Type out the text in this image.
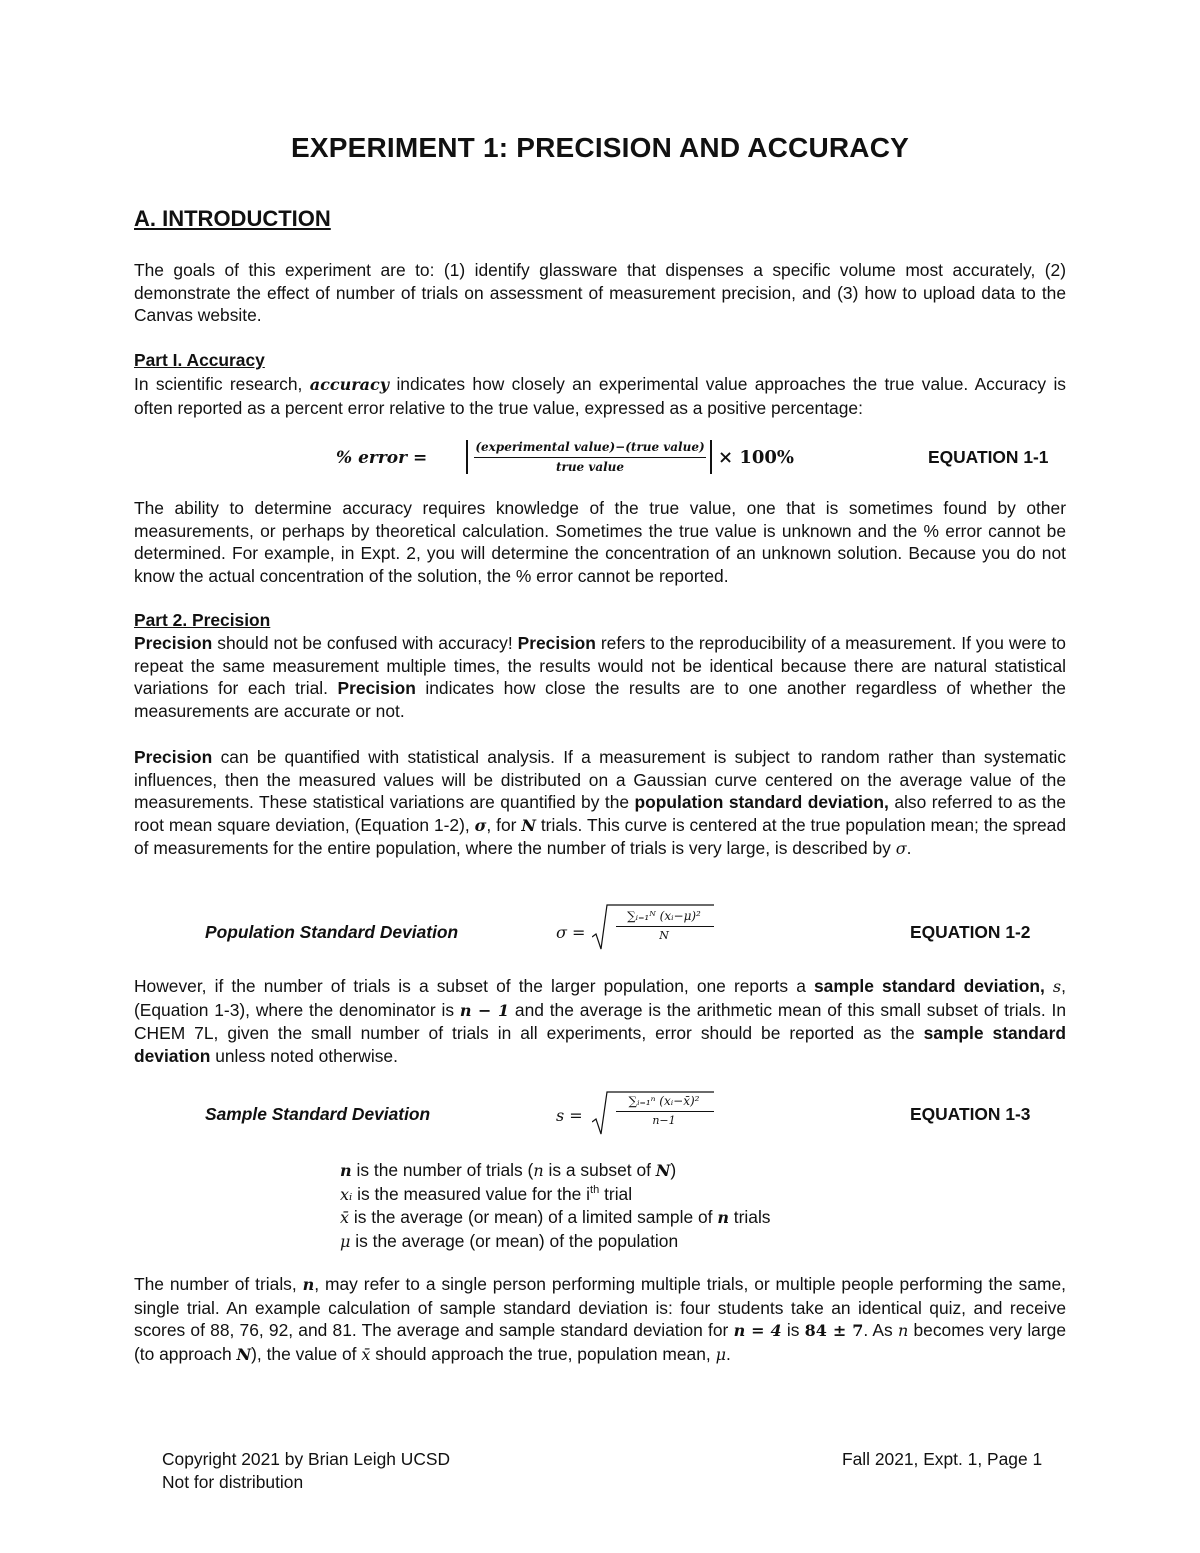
EXPERIMENT 1: PRECISION AND ACCURACY
A. INTRODUCTION
The goals of this experiment are to: (1) identify glassware that dispenses a specific volume most accurately, (2) demonstrate the effect of number of trials on assessment of measurement precision, and (3) how to upload data to the Canvas website.
Part I. Accuracy
In scientific research, accuracy indicates how closely an experimental value approaches the true value. Accuracy is often reported as a percent error relative to the true value, expressed as a positive percentage:
% error =
(experimental value)−(true value)
true value	× 100%	EQUATION 1-1
The ability to determine accuracy requires knowledge of the true value, one that is sometimes found by other measurements, or perhaps by theoretical calculation. Sometimes the true value is unknown and the % error cannot be determined. For example, in Expt. 2, you will determine the concentration of an unknown solution. Because you do not know the actual concentration of the solution, the % error cannot be reported.
Part 2. Precision
Precision should not be confused with accuracy! Precision refers to the reproducibility of a measurement. If you were to repeat the same measurement multiple times, the results would not be identical because there are natural statistical variations for each trial. Precision indicates how close the results are to one another regardless of whether the measurements are accurate or not.
Precision can be quantified with statistical analysis. If a measurement is subject to random rather than systematic influences, then the measured values will be distributed on a Gaussian curve centered on the average value of the measurements. These statistical variations are quantified by the population standard deviation, also referred to as the root mean square deviation, (Equation 1-2), σ, for N trials. This curve is centered at the true population mean; the spread of measurements for the entire population, where the number of trials is very large, is described by σ.
Population Standard Deviation	σ =
∑ᵢ₌₁ᴺ (xᵢ−μ)²
N	EQUATION 1-2
However, if the number of trials is a subset of the larger population, one reports a sample standard deviation, s, (Equation 1-3), where the denominator is n − 1 and the average is the arithmetic mean of this small subset of trials. In CHEM 7L, given the small number of trials in all experiments, error should be reported as the sample standard deviation unless noted otherwise.
Sample Standard Deviation	s =
∑ᵢ₌₁ⁿ (xᵢ−x̄)²
n−1	EQUATION 1-3
n is the number of trials (n is a subset of N)
xᵢ is the measured value for the $i^{th}$ trial
x̄ is the average (or mean) of a limited sample of n trials
μ is the average (or mean) of the population
The number of trials, n, may refer to a single person performing multiple trials, or multiple people performing the same, single trial. An example calculation of sample standard deviation is: four students take an identical quiz, and receive scores of 88, 76, 92, and 81. The average and sample standard deviation for n = 4 is 84 ± 7. As n becomes very large (to approach N), the value of x̄ should approach the true, population mean, μ.
Copyright 2021 by Brian Leigh UCSD
Not for distribution
Fall 2021, Expt. 1, Page 1
